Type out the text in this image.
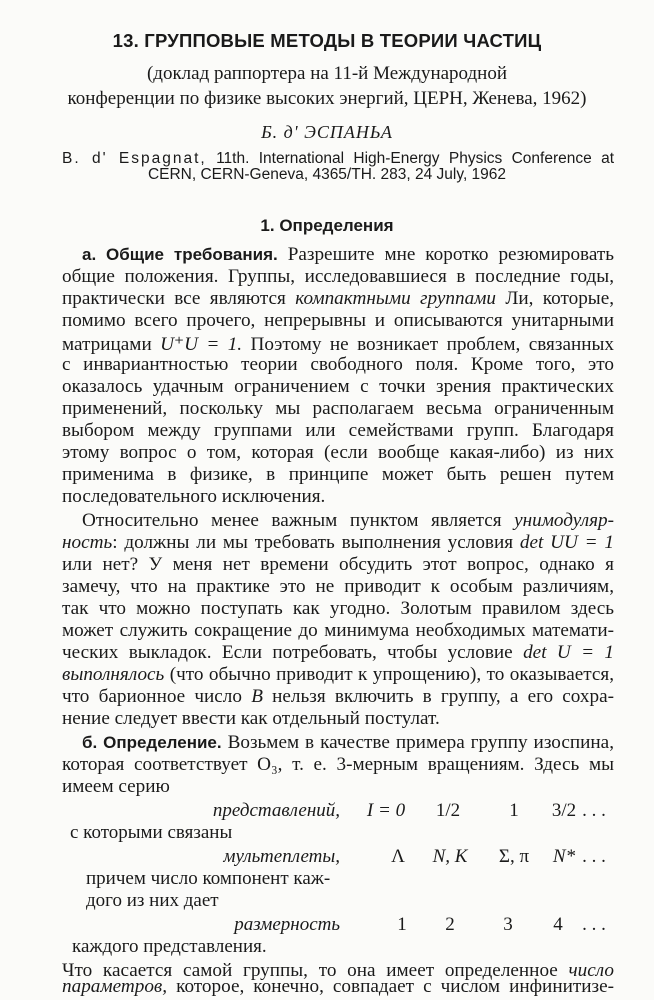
13. ГРУППОВЫЕ МЕТОДЫ В ТЕОРИИ ЧАСТИЦ
(доклад раппортера на 11-й Международной
конференции по физике высоких энергий, ЦЕРН, Женева, 1962)
Б. д' ЭСПАНЬА
B. d' Espagnat, 11th. International High-Energy Physics Conference at
CERN, CERN-Geneva, 4365/TH. 283, 24 July, 1962
1. Определения
а. Общие требования. Разрешите мне коротко резюмировать
общие положения. Группы, исследовавшиеся в последние годы,
практически все являются компактными группами Ли, которые,
помимо всего прочего, непрерывны и описываются унитарными
матрицами U⁺U = 1. Поэтому не возникает проблем, связанных
с инвариантностью теории свободного поля. Кроме того, это
оказалось удачным ограничением с точки зрения практических
применений, поскольку мы располагаем весьма ограниченным
выбором между группами или семействами групп. Благодаря
этому вопрос о том, которая (если вообще какая-либо) из них
применима в физике, в принципе может быть решен путем
последовательного исключения.
Относительно менее важным пунктом является унимодуляр-
ность: должны ли мы требовать выполнения условия det UU = 1
или нет? У меня нет времени обсудить этот вопрос, однако я
замечу, что на практике это не приводит к особым различиям,
так что можно поступать как угодно. Золотым правилом здесь
может служить сокращение до минимума необходимых математи-
ческих выкладок. Если потребовать, чтобы условие det U = 1
выполнялось (что обычно приводит к упрощению), то оказывается,
что барионное число B нельзя включить в группу, а его сохра-
нение следует ввести как отдельный постулат.
б. Определение. Возьмем в качестве примера группу изоспина,
которая соответствует O₃, т. е. 3-мерным вращениям. Здесь мы
имеем серию
представлений,	I = 0	1/2	1	3/2 . . .
с которыми связаны
мультеплеты,	Λ	N, K	Σ, π	N* . . .
причем число компонент каж-
дого из них дает
размерность	1	2	3	4	. . .
каждого представления.
Что касается самой группы, то она имеет определенное число
параметров, которое, конечно, совпадает с числом инфинитизе-
